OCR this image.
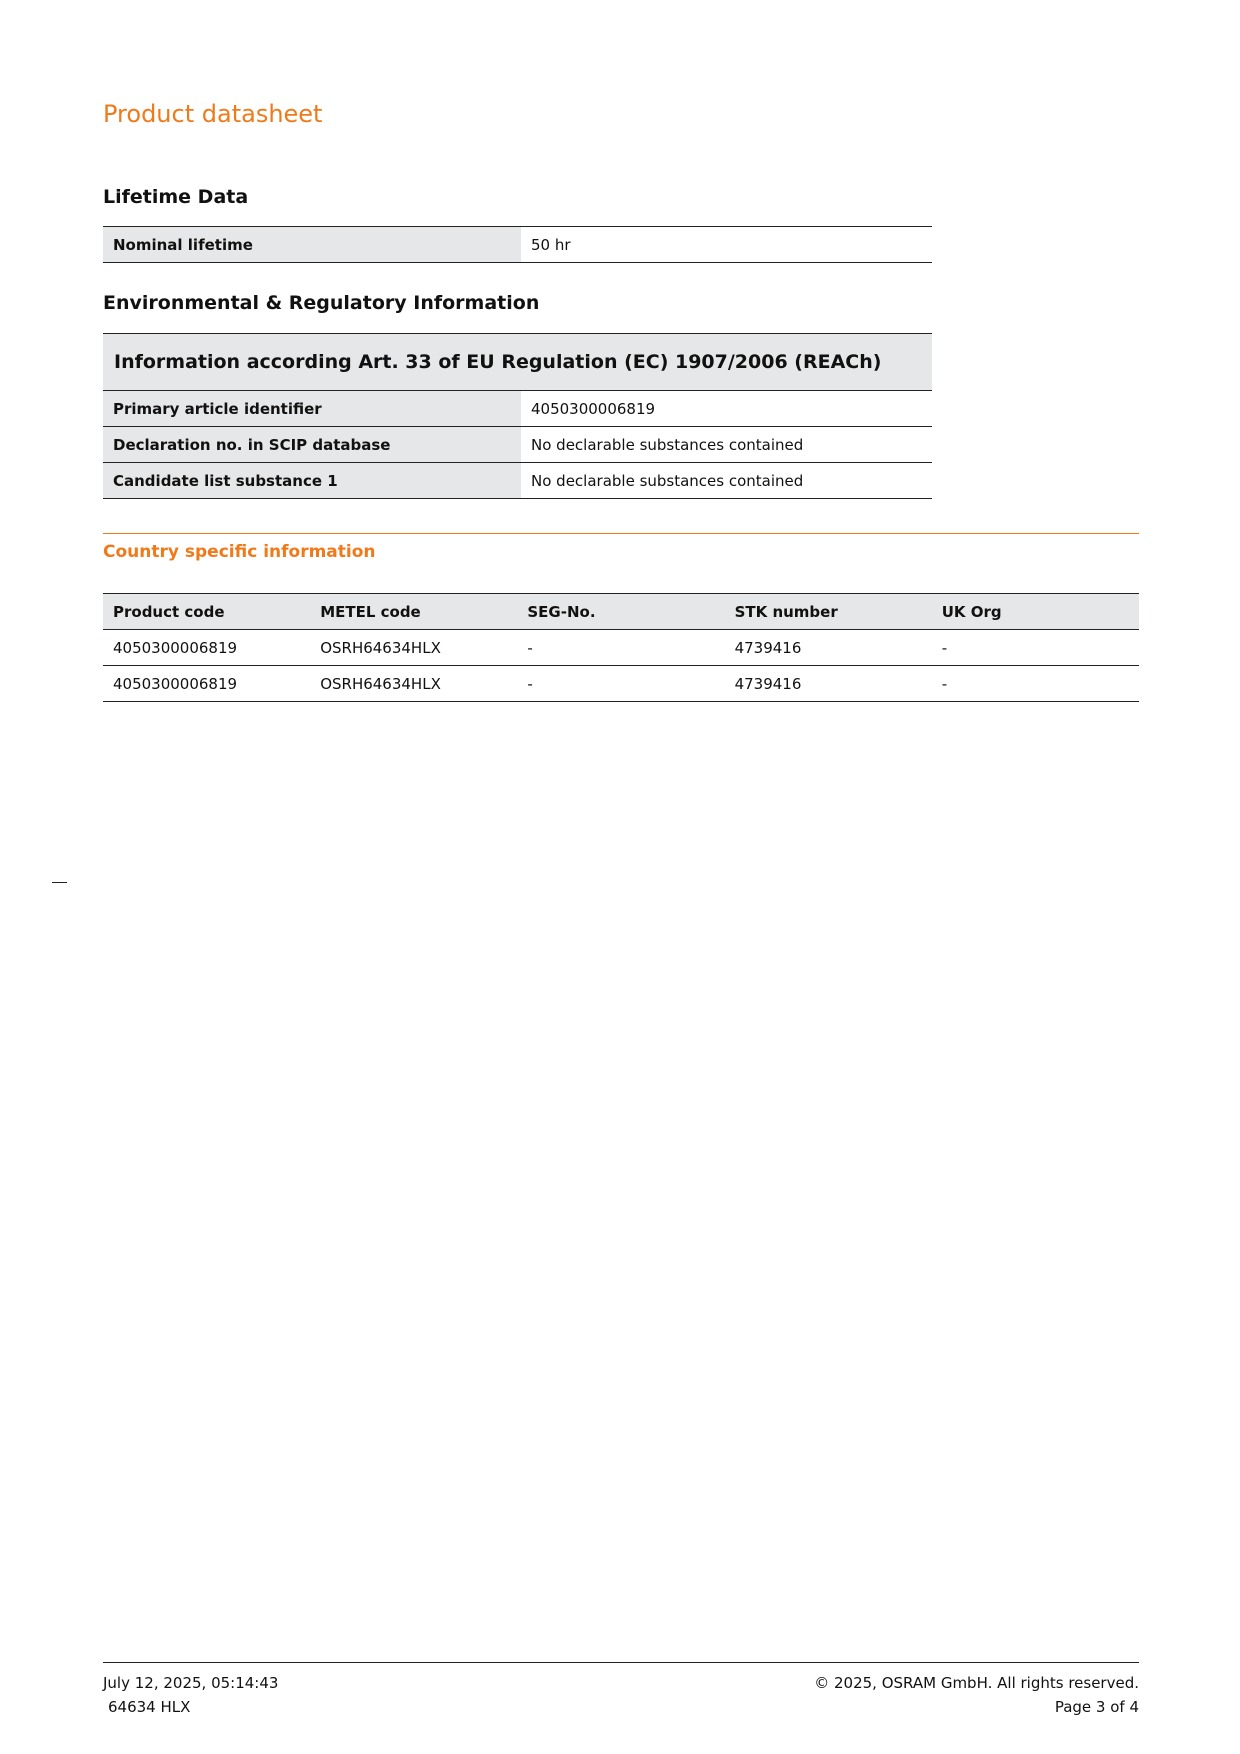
Product datasheet
Lifetime Data
Nominal lifetime	50 hr
Environmental & Regulatory Information
Information according Art. 33 of EU Regulation (EC) 1907/2006 (REACh)
Primary article identifier	4050300006819
Declaration no. in SCIP database	No declarable substances contained
Candidate list substance 1	No declarable substances contained
Country specific information
Product code	METEL code	SEG-No.	STK number	UK Org
4050300006819	OSRH64634HLX	-	4739416	-
4050300006819	OSRH64634HLX	-	4739416	-

July 12, 2025, 05:14:43

64634 HLX

© 2025, OSRAM GmbH. All rights reserved.

Page 3 of 4
